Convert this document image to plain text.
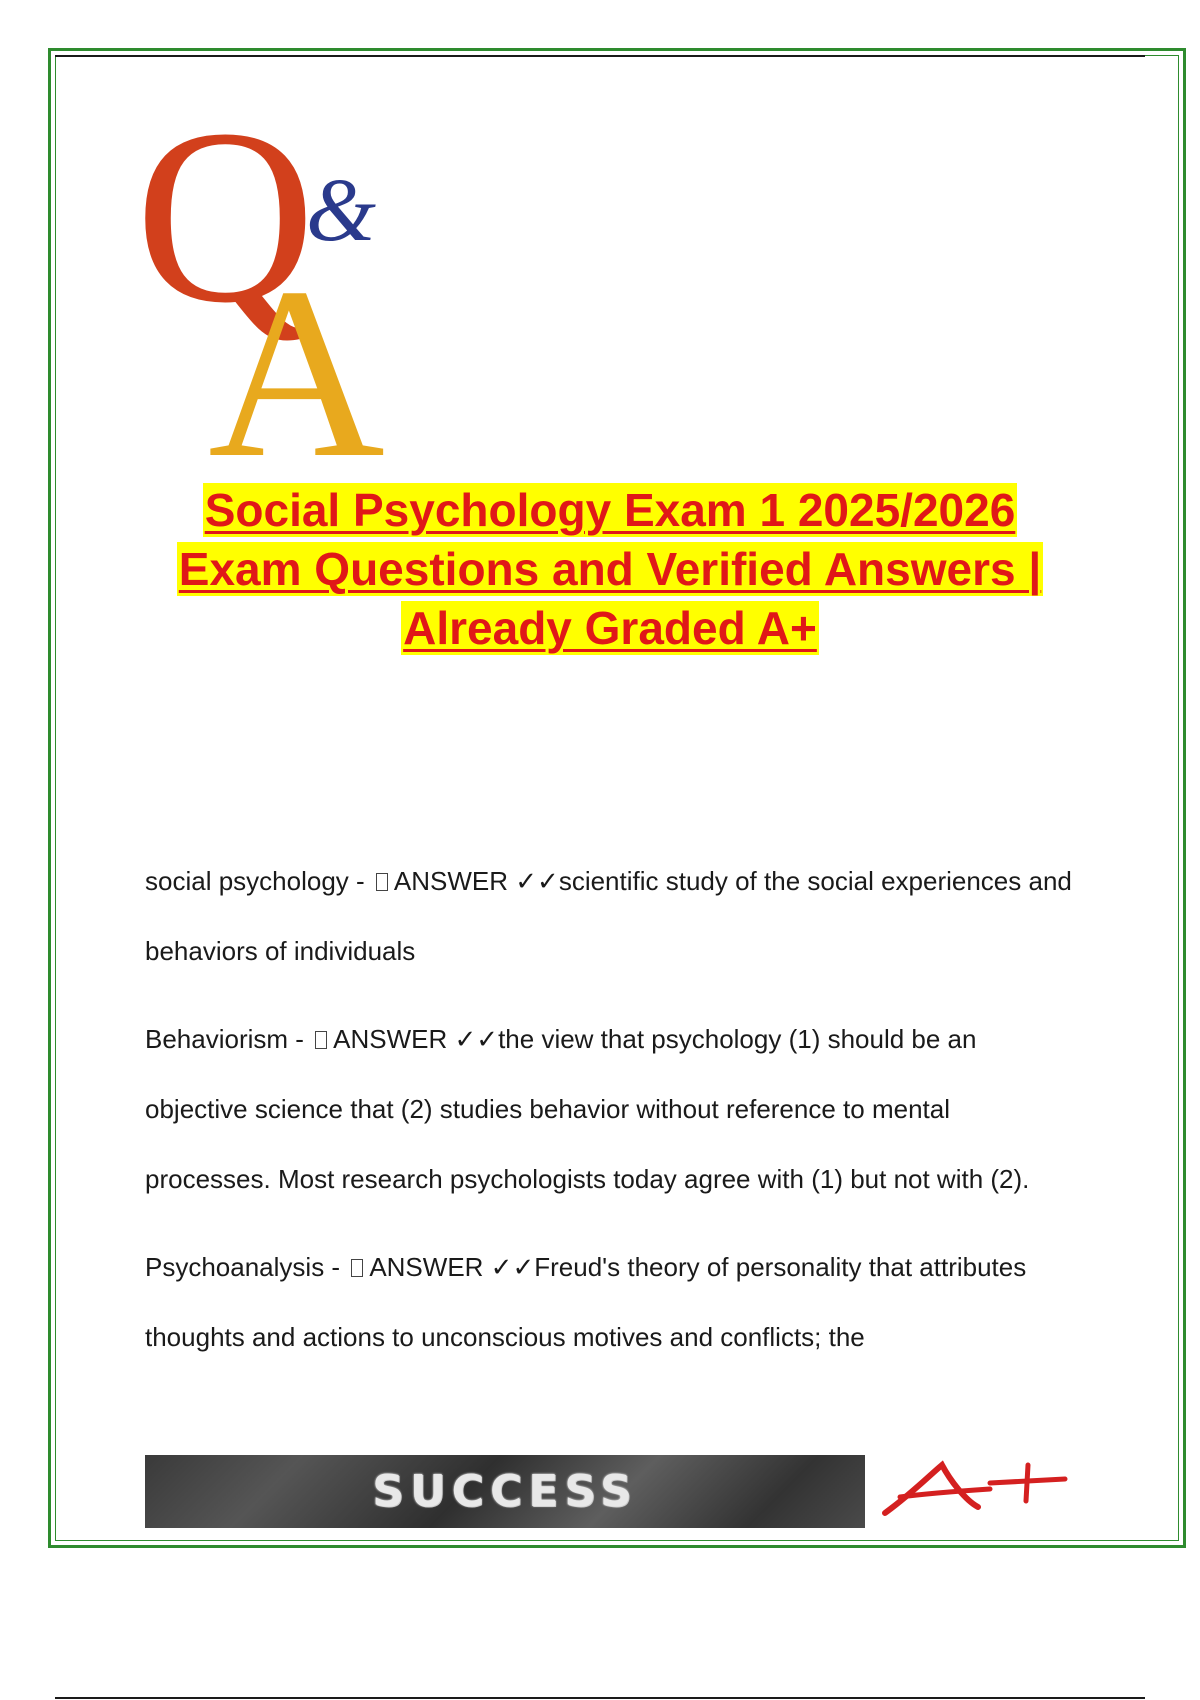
Q
&
A
Social Psychology Exam 1 2025/2026
Exam Questions and Verified Answers |
Already Graded A+
social psychology - ANSWER ✓✓scientific study of the social experiences and behaviors of individuals
Behaviorism - ANSWER ✓✓the view that psychology (1) should be an objective science that (2) studies behavior without reference to mental processes. Most research psychologists today agree with (1) but not with (2).
Psychoanalysis - ANSWER ✓✓Freud's theory of personality that attributes thoughts and actions to unconscious motives and conflicts; the
SUCCESS
